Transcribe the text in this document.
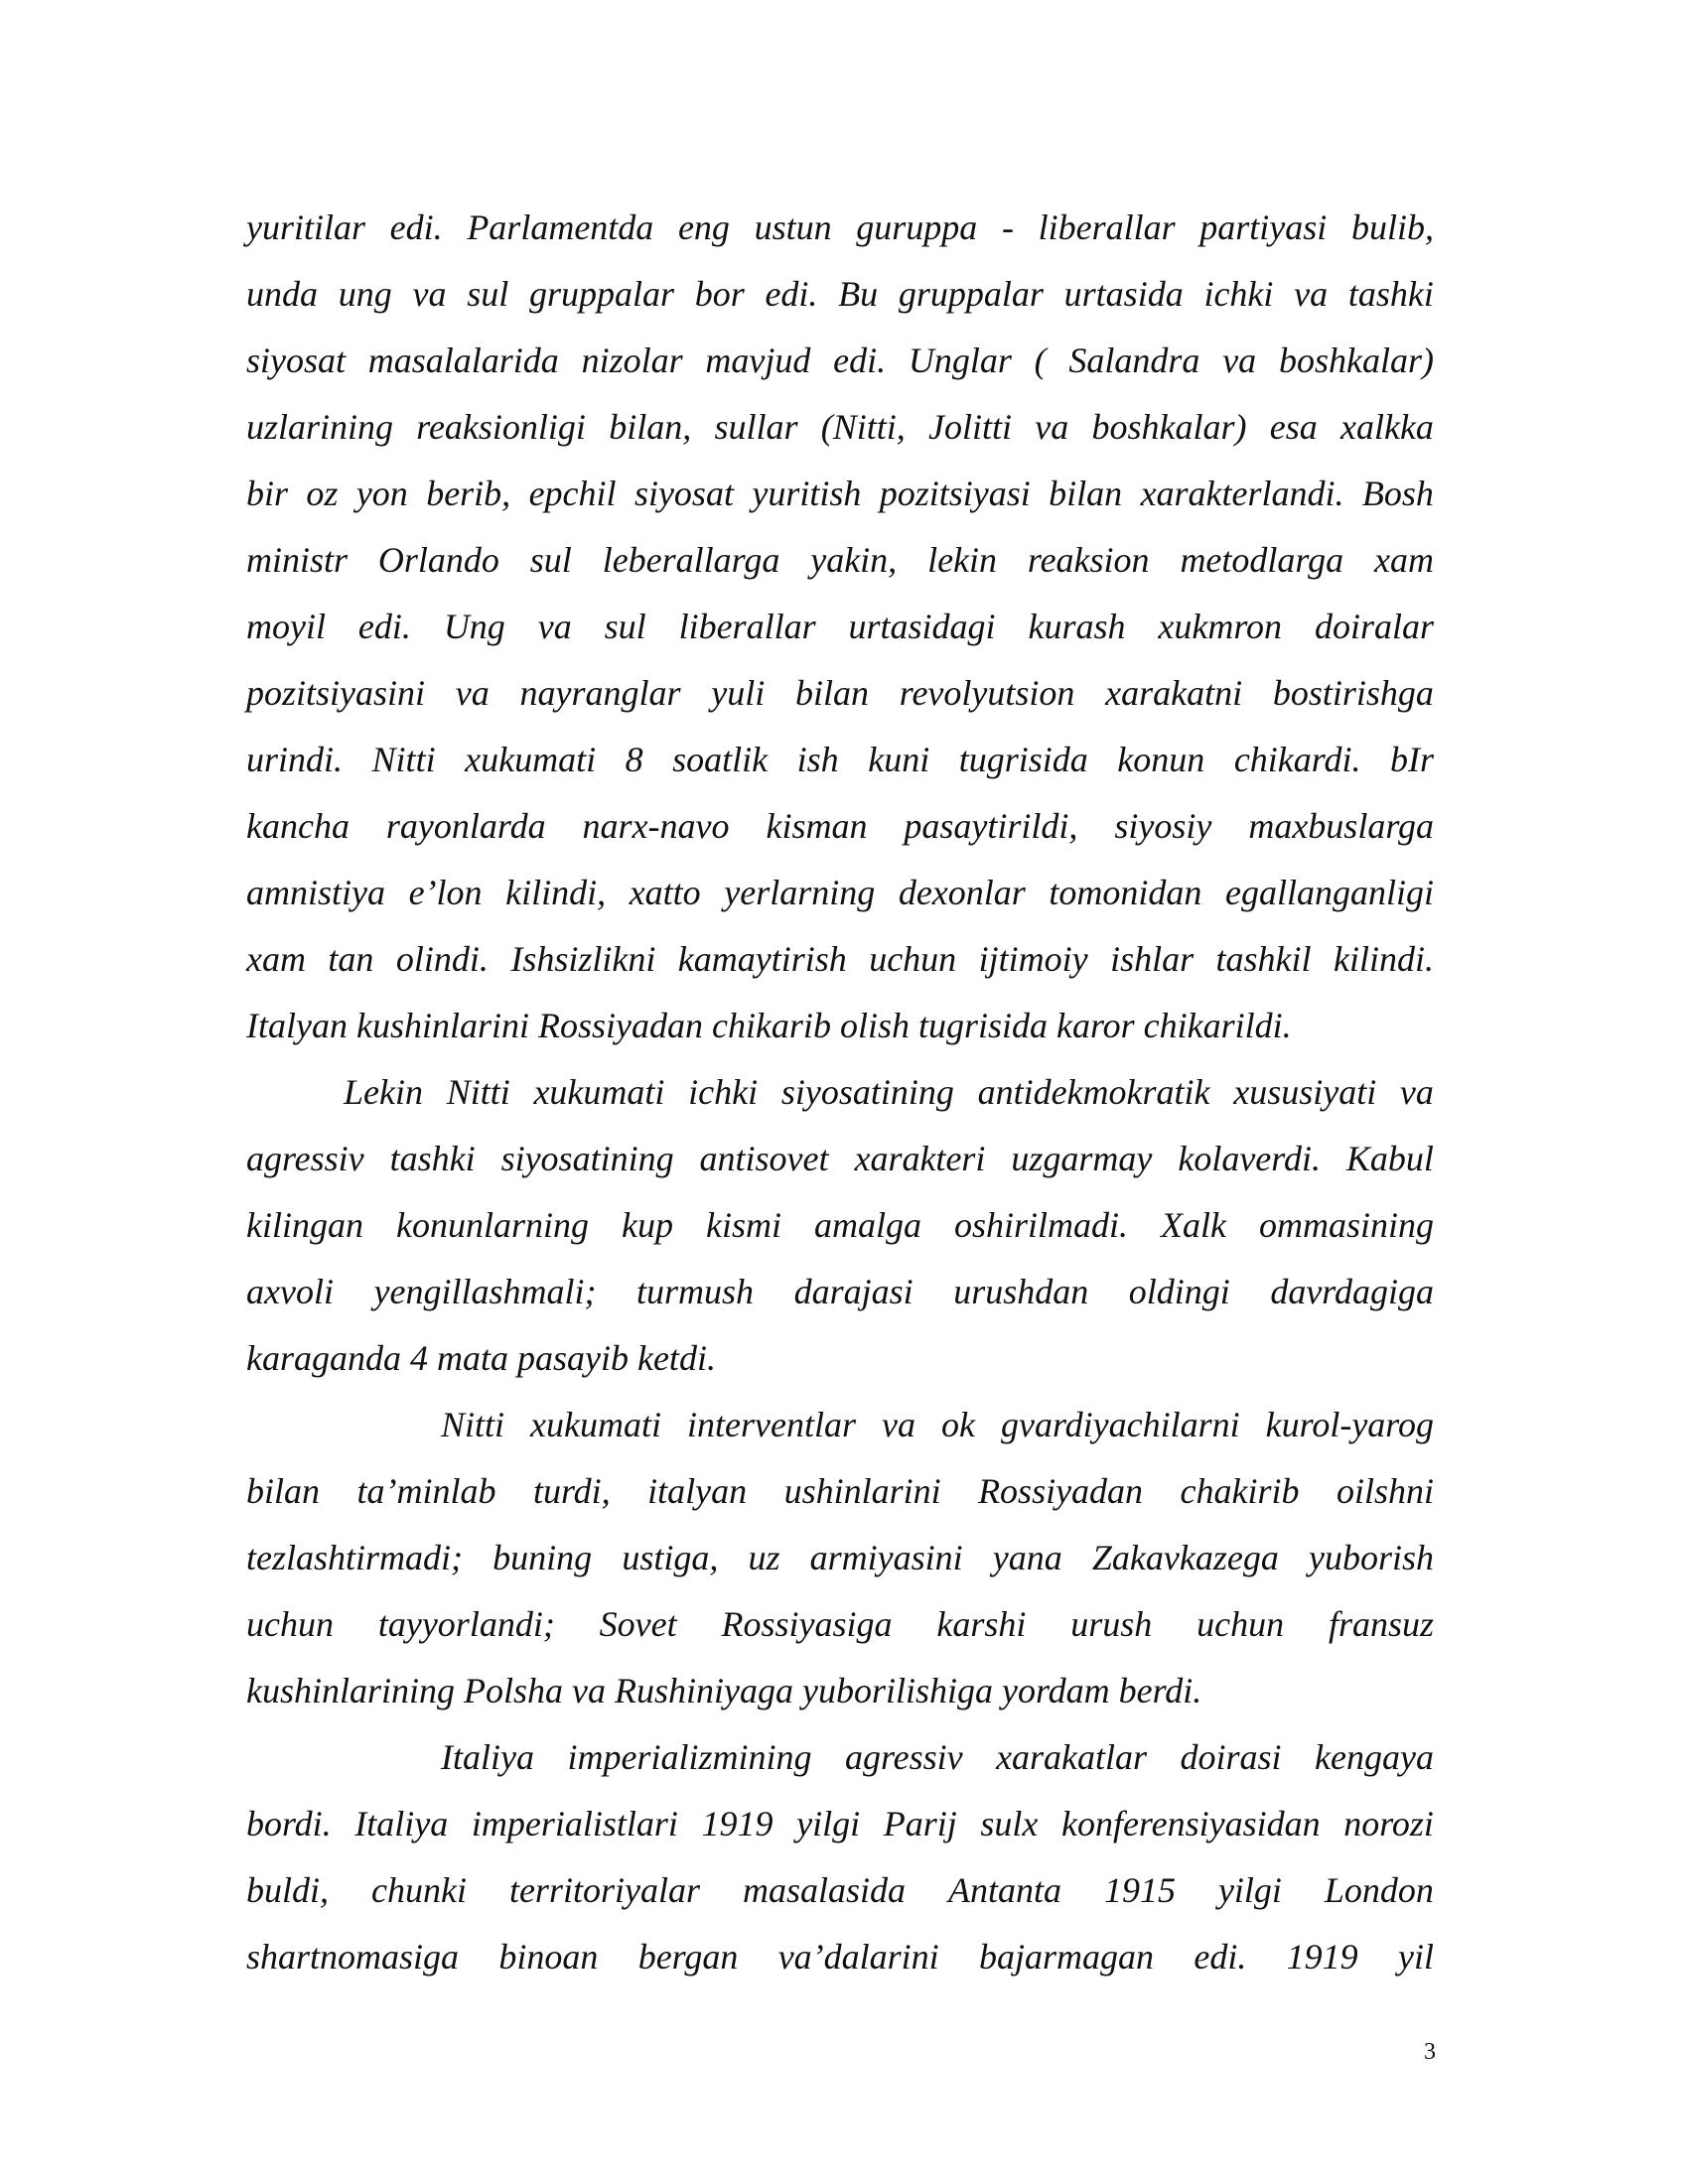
yuritilar edi. Parlamentda eng ustun guruppa - liberallar partiyasi bulib,
unda ung va sul gruppalar bor edi. Bu gruppalar urtasida ichki va tashki
siyosat masalalarida nizolar mavjud edi. Unglar ( Salandra va boshkalar)
uzlarining reaksionligi bilan, sullar (Nitti, Jolitti va boshkalar) esa xalkka
bir oz yon berib, epchil siyosat yuritish pozitsiyasi bilan xarakterlandi. Bosh
ministr Orlando sul leberallarga yakin, lekin reaksion metodlarga xam
moyil edi. Ung va sul liberallar urtasidagi kurash xukmron doiralar
pozitsiyasini va nayranglar yuli bilan revolyutsion xarakatni bostirishga
urindi. Nitti xukumati 8 soatlik ish kuni tugrisida konun chikardi. bIr
kancha rayonlarda narx-navo kisman pasaytirildi, siyosiy maxbuslarga
amnistiya e’lon kilindi, xatto yerlarning dexonlar tomonidan egallanganligi
xam tan olindi. Ishsizlikni kamaytirish uchun ijtimoiy ishlar tashkil kilindi.
Italyan kushinlarini Rossiyadan chikarib olish tugrisida karor chikarildi.
Lekin Nitti xukumati ichki siyosatining antidekmokratik xususiyati va
agressiv tashki siyosatining antisovet xarakteri uzgarmay kolaverdi. Kabul
kilingan konunlarning kup kismi amalga oshirilmadi. Xalk ommasining
axvoli yengillashmali; turmush darajasi urushdan oldingi davrdagiga
karaganda 4 mata pasayib ketdi.
Nitti xukumati interventlar va ok gvardiyachilarni kurol-yarog
bilan ta’minlab turdi, italyan ushinlarini Rossiyadan chakirib oilshni
tezlashtirmadi; buning ustiga, uz armiyasini yana Zakavkazega yuborish
uchun tayyorlandi; Sovet Rossiyasiga karshi urush uchun fransuz
kushinlarining Polsha va Rushiniyaga yuborilishiga yordam berdi.
Italiya imperializmining agressiv xarakatlar doirasi kengaya
bordi. Italiya imperialistlari 1919 yilgi Parij sulx konferensiyasidan norozi
buldi, chunki territoriyalar masalasida Antanta 1915 yilgi London
shartnomasiga binoan bergan va’dalarini bajarmagan edi. 1919 yil
3
